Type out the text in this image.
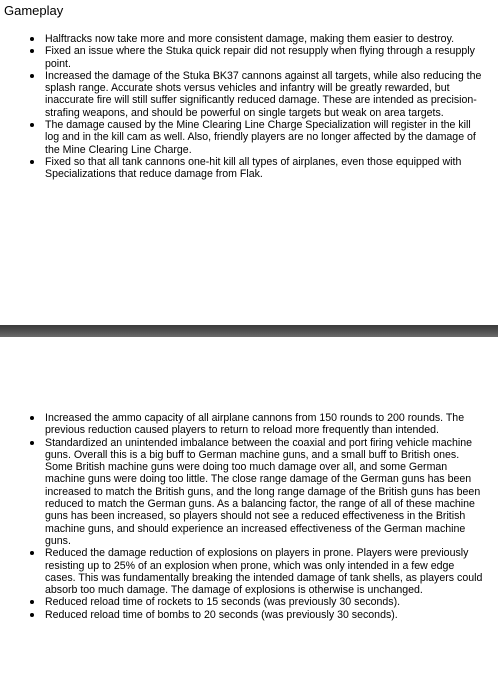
Gameplay
Halftracks now take more and more consistent damage, making them easier to destroy.
Fixed an issue where the Stuka quick repair did not resupply when flying through a resupply point.
Increased the damage of the Stuka BK37 cannons against all targets, while also reducing the splash range. Accurate shots versus vehicles and infantry will be greatly rewarded, but inaccurate fire will still suffer significantly reduced damage. These are intended as precision-strafing weapons, and should be powerful on single targets but weak on area targets.
The damage caused by the Mine Clearing Line Charge Specialization will register in the kill log and in the kill cam as well. Also, friendly players are no longer affected by the damage of the Mine Clearing Line Charge.
Fixed so that all tank cannons one-hit kill all types of airplanes, even those equipped with Specializations that reduce damage from Flak.
Increased the ammo capacity of all airplane cannons from 150 rounds to 200 rounds. The previous reduction caused players to return to reload more frequently than intended.
Standardized an unintended imbalance between the coaxial and port firing vehicle machine guns. Overall this is a big buff to German machine guns, and a small buff to British ones. Some British machine guns were doing too much damage over all, and some German machine guns were doing too little. The close range damage of the German guns has been increased to match the British guns, and the long range damage of the British guns has been reduced to match the German guns. As a balancing factor, the range of all of these machine guns has been increased, so players should not see a reduced effectiveness in the British machine guns, and should experience an increased effectiveness of the German machine guns.
Reduced the damage reduction of explosions on players in prone. Players were previously resisting up to 25% of an explosion when prone, which was only intended in a few edge cases. This was fundamentally breaking the intended damage of tank shells, as players could absorb too much damage. The damage of explosions is otherwise is unchanged.
Reduced reload time of rockets to 15 seconds (was previously 30 seconds).
Reduced reload time of bombs to 20 seconds (was previously 30 seconds).
